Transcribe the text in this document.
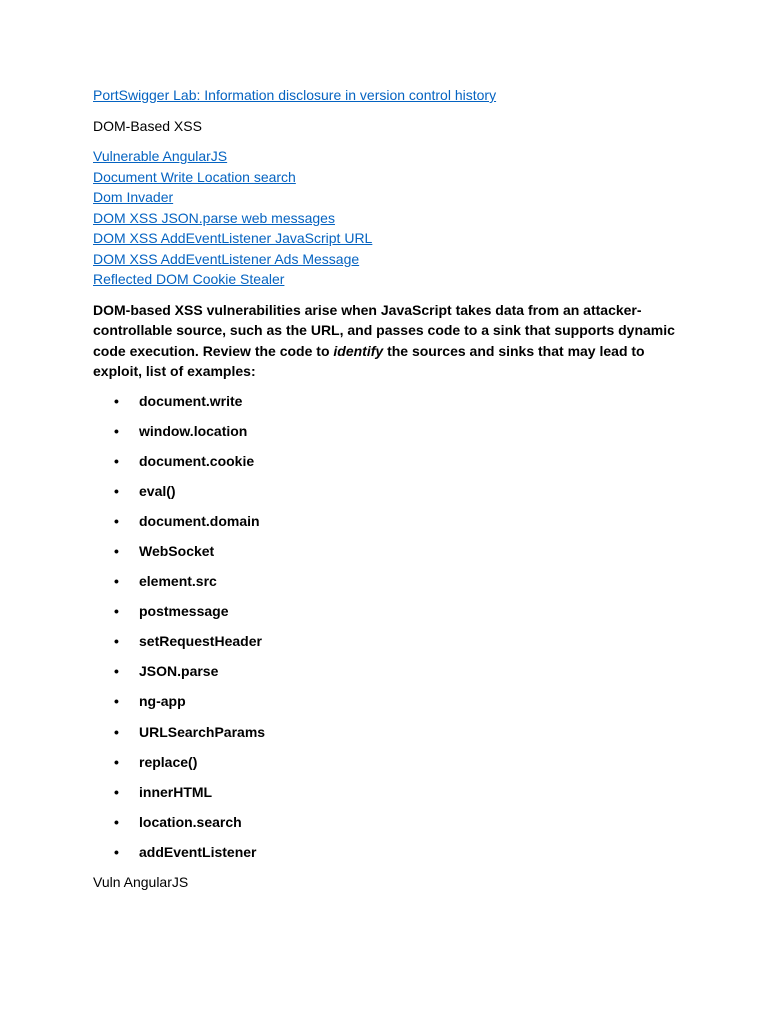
PortSwigger Lab: Information disclosure in version control history
DOM-Based XSS
Vulnerable AngularJS
Document Write Location search
Dom Invader
DOM XSS JSON.parse web messages
DOM XSS AddEventListener JavaScript URL
DOM XSS AddEventListener Ads Message
Reflected DOM Cookie Stealer

DOM-based XSS vulnerabilities arise when JavaScript takes data from an attacker-controllable source, such as the URL, and passes code to a sink that supports dynamic code execution. Review the code to identify the sources and sinks that may lead to exploit, list of examples:

• document.write
• window.location
• document.cookie
• eval()
• document.domain
• WebSocket
• element.src
• postmessage
• setRequestHeader
• JSON.parse
• ng-app
• URLSearchParams
• replace()
• innerHTML
• location.search
• addEventListener
Vuln AngularJS
